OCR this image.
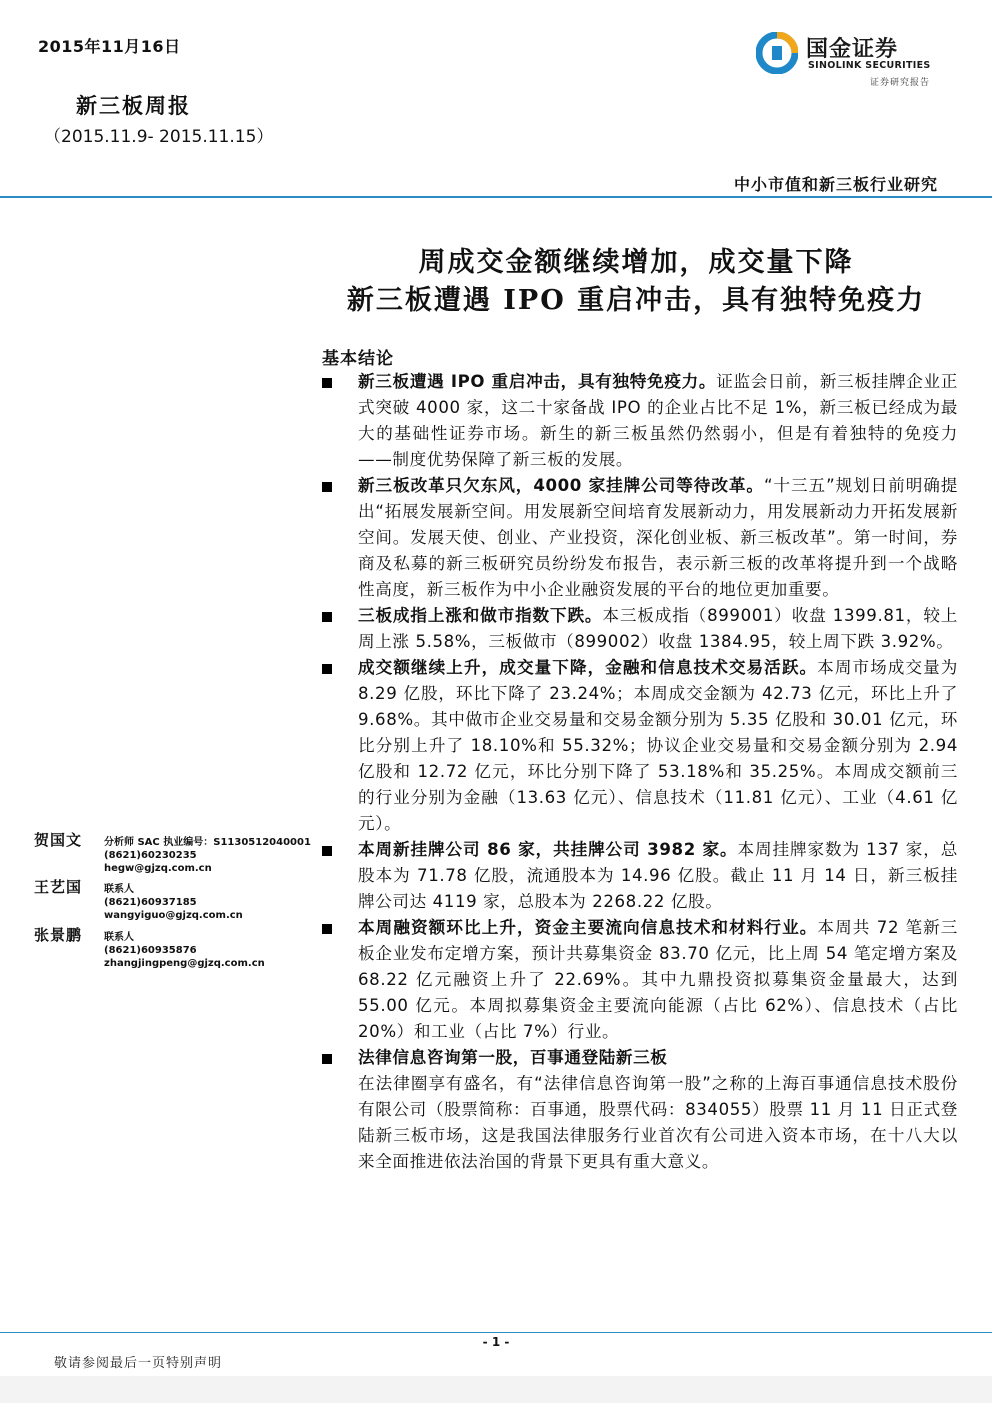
2015年11月16日
新三板周报
（2015.11.9- 2015.11.15）
国金证券
SINOLINK SECURITIES
证券研究报告
中小市值和新三板行业研究
周成交金额继续增加，成交量下降
新三板遭遇 IPO 重启冲击，具有独特免疫力
基本结论
新三板遭遇 IPO 重启冲击，具有独特免疫力。证监会日前，新三板挂牌企业正式突破 4000 家，这二十家备战 IPO 的企业占比不足 1%，新三板已经成为最大的基础性证券市场。新生的新三板虽然仍然弱小，但是有着独特的免疫力——制度优势保障了新三板的发展。
新三板改革只欠东风，4000 家挂牌公司等待改革。“十三五”规划日前明确提出“拓展发展新空间。用发展新空间培育发展新动力，用发展新动力开拓发展新空间。发展天使、创业、产业投资，深化创业板、新三板改革”。第一时间，券商及私募的新三板研究员纷纷发布报告，表示新三板的改革将提升到一个战略性高度，新三板作为中小企业融资发展的平台的地位更加重要。
三板成指上涨和做市指数下跌。本三板成指（899001）收盘 1399.81，较上周上涨 5.58%，三板做市（899002）收盘 1384.95，较上周下跌 3.92%。
成交额继续上升，成交量下降，金融和信息技术交易活跃。本周市场成交量为 8.29 亿股，环比下降了 23.24%；本周成交金额为 42.73 亿元，环比上升了 9.68%。其中做市企业交易量和交易金额分别为 5.35 亿股和 30.01 亿元，环比分别上升了 18.10%和 55.32%；协议企业交易量和交易金额分别为 2.94 亿股和 12.72 亿元，环比分别下降了 53.18%和 35.25%。本周成交额前三的行业分别为金融（13.63 亿元）、信息技术（11.81 亿元）、工业（4.61 亿元）。
本周新挂牌公司 86 家，共挂牌公司 3982 家。本周挂牌家数为 137 家，总股本为 71.78 亿股，流通股本为 14.96 亿股。截止 11 月 14 日，新三板挂牌公司达 4119 家，总股本为 2268.22 亿股。
本周融资额环比上升，资金主要流向信息技术和材料行业。本周共 72 笔新三板企业发布定增方案，预计共募集资金 83.70 亿元，比上周 54 笔定增方案及 68.22 亿元融资上升了 22.69%。其中九鼎投资拟募集资金量最大，达到 55.00 亿元。本周拟募集资金主要流向能源（占比 62%）、信息技术（占比 20%）和工业（占比 7%）行业。
法律信息咨询第一股，百事通登陆新三板
在法律圈享有盛名，有“法律信息咨询第一股”之称的上海百事通信息技术股份有限公司（股票简称：百事通，股票代码：834055）股票 11 月 11 日正式登陆新三板市场，这是我国法律服务行业首次有公司进入资本市场，在十八大以来全面推进依法治国的背景下更具有重大意义。
贺国文	分析师 SAC 执业编号：S1130512040001
(8621)60230235
hegw@gjzq.com.cn
王艺国	联系人
(8621)60937185
wangyiguo@gjzq.com.cn
张景鹏	联系人
(8621)60935876
zhangjingpeng@gjzq.com.cn
- 1 -
敬请参阅最后一页特别声明
